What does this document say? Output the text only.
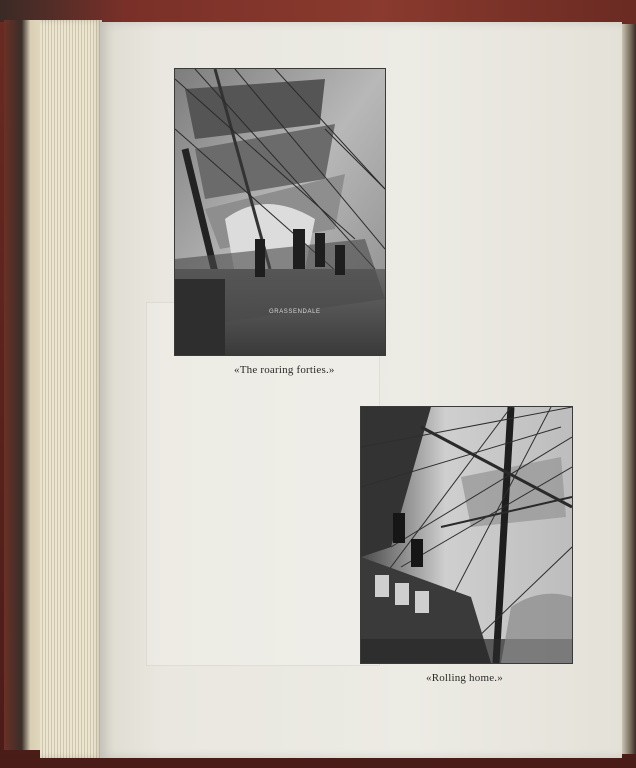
GRASSENDALE
«The roaring forties.»
«Rolling home.»
